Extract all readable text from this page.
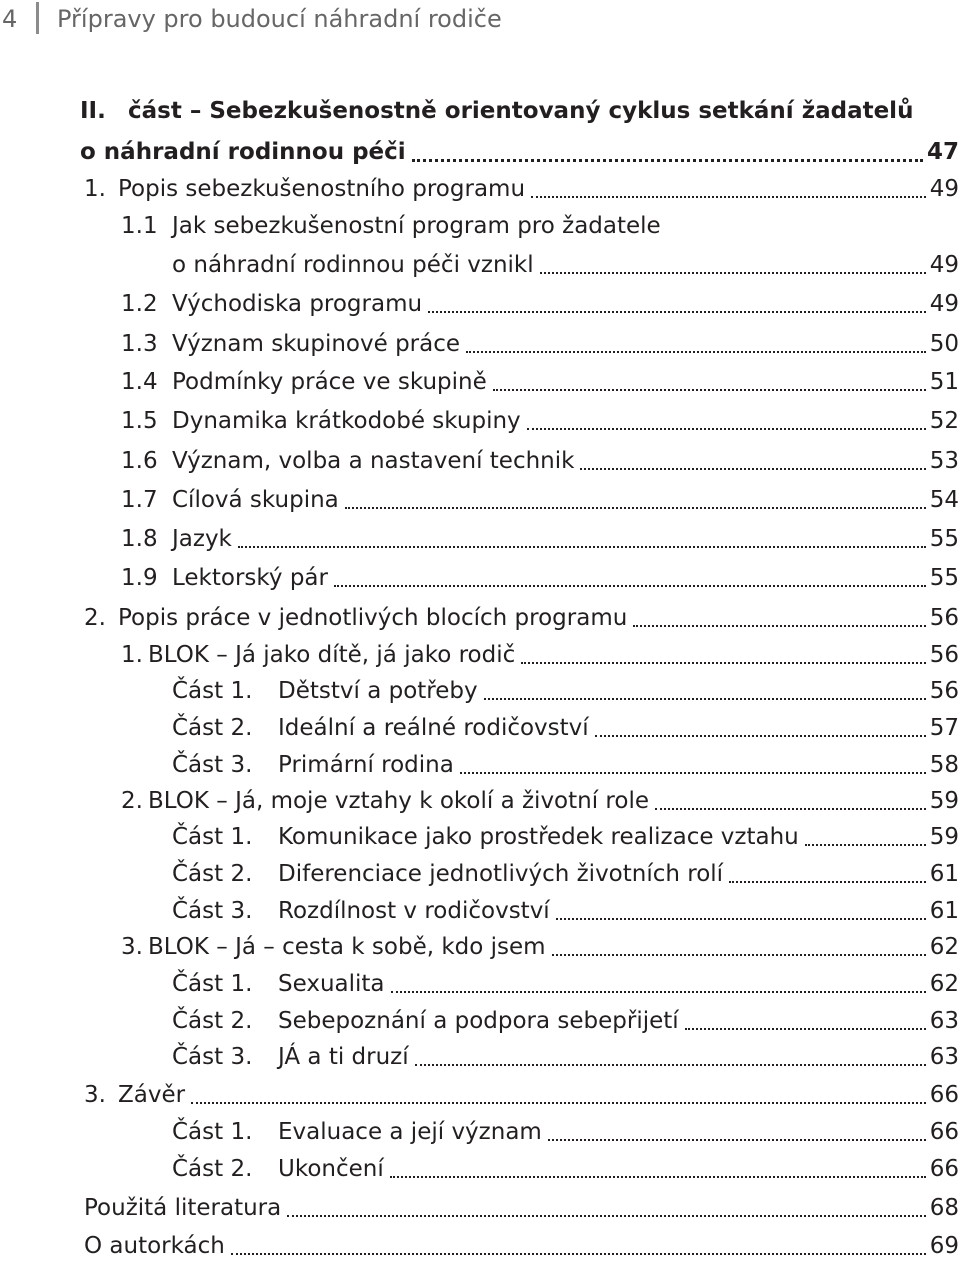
4 Přípravy pro budoucí náhradní rodiče
II. část – Sebezkušenostně orientovaný cyklus setkání žadatelů
o náhradní rodinnou péči	47
1. Popis sebezkušenostního programu	49
1.1 Jak sebezkušenostní program pro žadatele
o náhradní rodinnou péči vznikl	49
1.2 Východiska programu	49
1.3 Význam skupinové práce	50
1.4 Podmínky práce ve skupině	51
1.5 Dynamika krátkodobé skupiny	52
1.6 Význam, volba a nastavení technik	53
1.7 Cílová skupina	54
1.8 Jazyk	55
1.9 Lektorský pár	55
2. Popis práce v jednotlivých blocích programu	56
1. BLOK – Já jako dítě, já jako rodič	56
Část 1. Dětství a potřeby	56
Část 2. Ideální a reálné rodičovství	57
Část 3. Primární rodina	58
2. BLOK – Já, moje vztahy k okolí a životní role	59
Část 1. Komunikace jako prostředek realizace vztahu	59
Část 2. Diferenciace jednotlivých životních rolí	61
Část 3. Rozdílnost v rodičovství	61
3. BLOK – Já – cesta k sobě, kdo jsem	62
Část 1. Sexualita	62
Část 2. Sebepoznání a podpora sebepřijetí	63
Část 3. JÁ a ti druzí	63
3. Závěr	66
Část 1. Evaluace a její význam	66
Část 2. Ukončení	66
Použitá literatura	68
O autorkách	69
